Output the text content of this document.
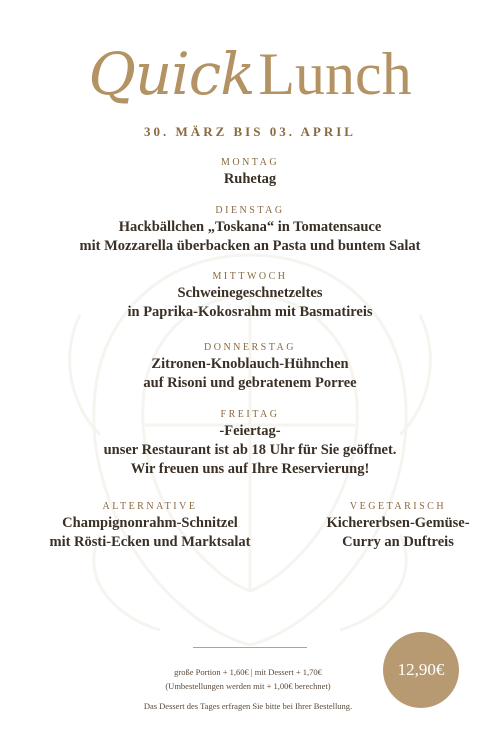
QuickLunch
30. MÄRZ BIS 03. APRIL
MONTAG
Ruhetag
DIENSTAG
Hackbällchen „Toskana“ in Tomatensauce
mit Mozzarella überbacken an Pasta und buntem Salat
MITTWOCH
Schweinegeschnetzeltes
in Paprika-Kokosrahm mit Basmatireis
DONNERSTAG
Zitronen-Knoblauch-Hühnchen
auf Risoni und gebratenem Porree
FREITAG
-Feiertag-
unser Restaurant ist ab 18 Uhr für Sie geöffnet.
Wir freuen uns auf Ihre Reservierung!
ALTERNATIVE
Champignonrahm-Schnitzel
mit Rösti-Ecken und Marktsalat
VEGETARISCH
Kichererbsen-Gemüse-
Curry an Duftreis
große Portion + 1,60€ | mit Dessert + 1,70€
(Umbestellungen werden mit + 1,00€ berechnet)
Das Dessert des Tages erfragen Sie bitte bei Ihrer Bestellung.
12,90€
